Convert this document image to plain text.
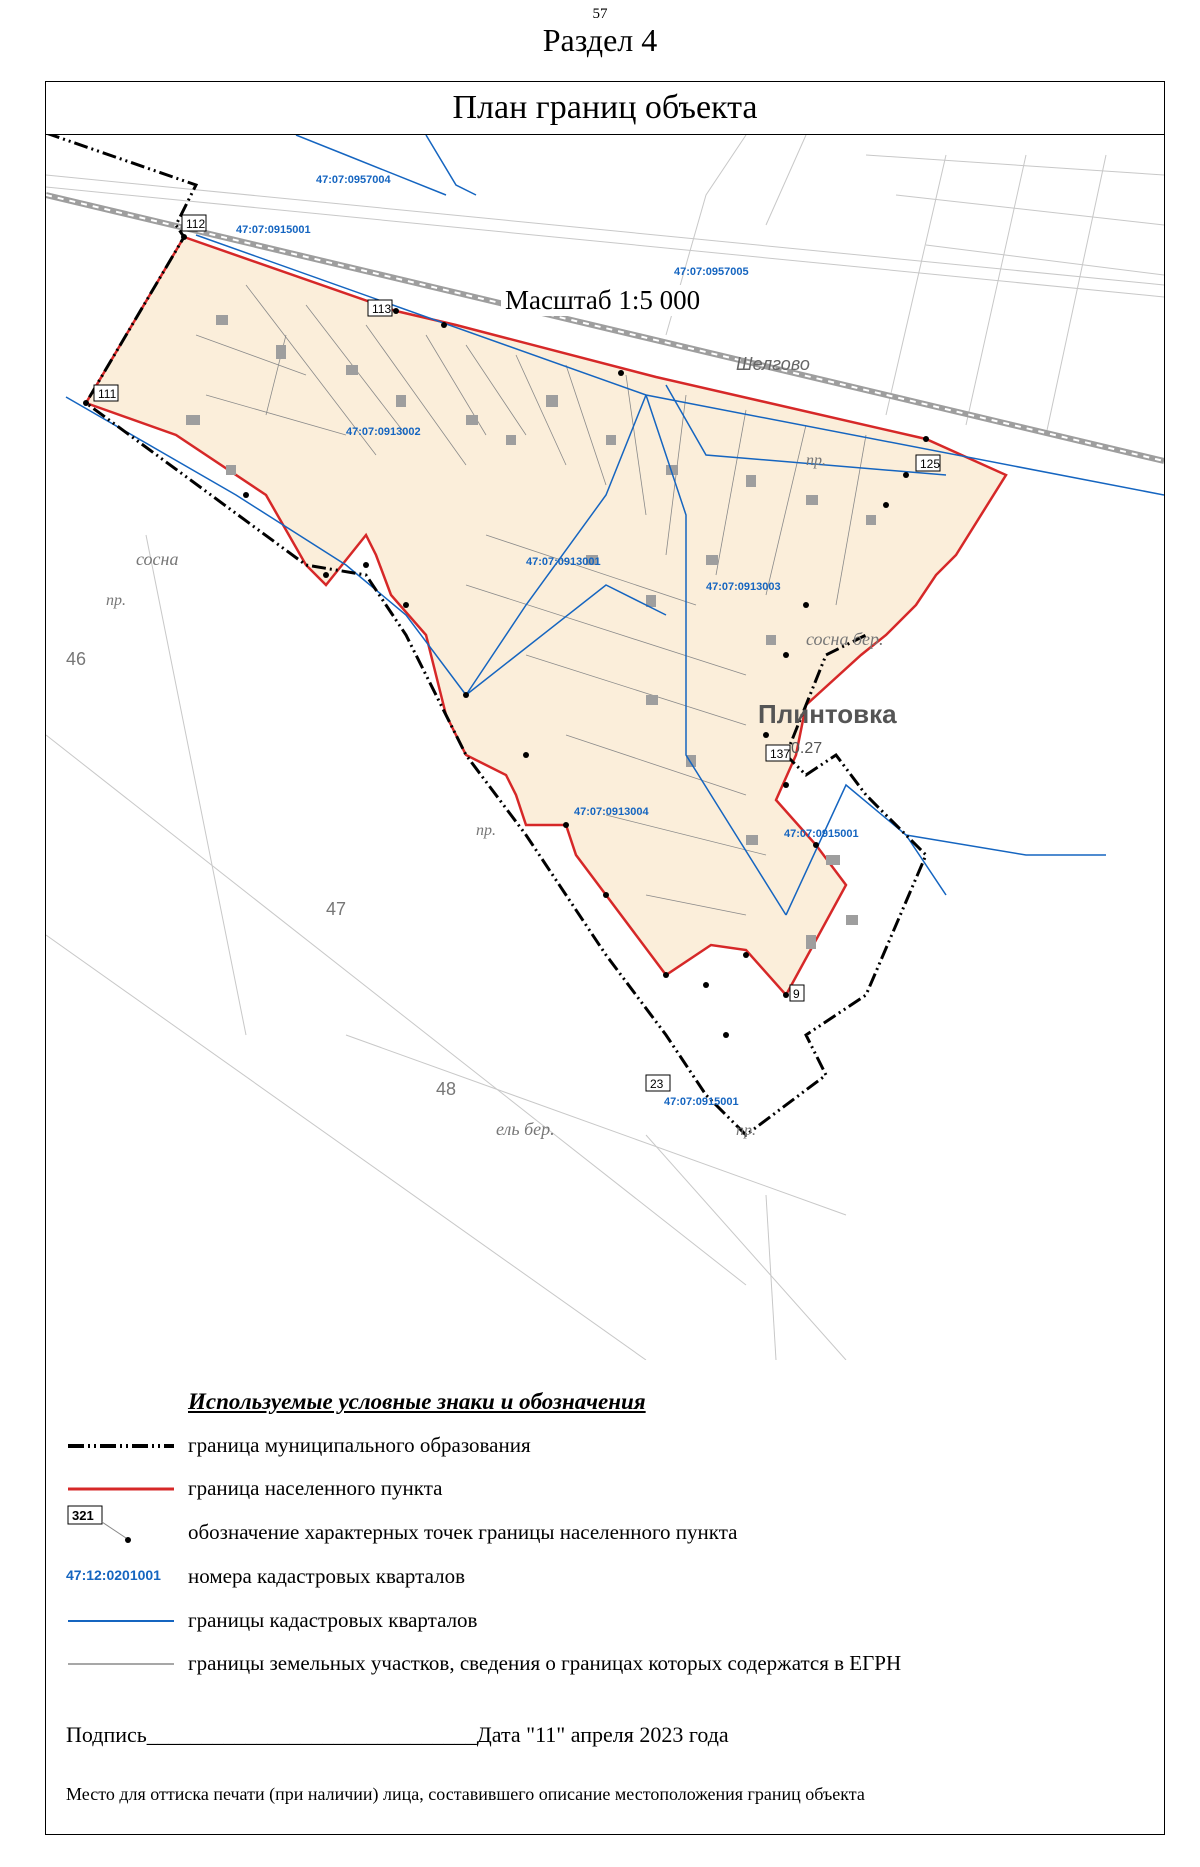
57
Раздел 4
План границ объекта
112
113
111
125
137
9
23
47:07:0957004
47:07:0915001
47:07:0957005
47:07:0913002
47:07:0913001
47:07:0913003
47:07:0915001
47:07:0913004
47:07:0915001
Плинтовка
0.27
Шелгово
сосна
сосна бер.
ель бер.
46
47
48
пр.
пр.
пр.
пр.
Масштаб 1:5 000
Используемые условные знаки и обозначения
граница муниципального образования
граница населенного пункта
321
обозначение характерных точек границы населенного пункта
47:12:0201001 номера кадастровых кварталов
границы кадастровых кварталов
границы земельных участков, сведения о границах которых содержатся в ЕГРН
Подпись______________________________Дата "11" апреля 2023 года
Место для оттиска печати (при наличии) лица, составившего описание местоположения границ объекта
